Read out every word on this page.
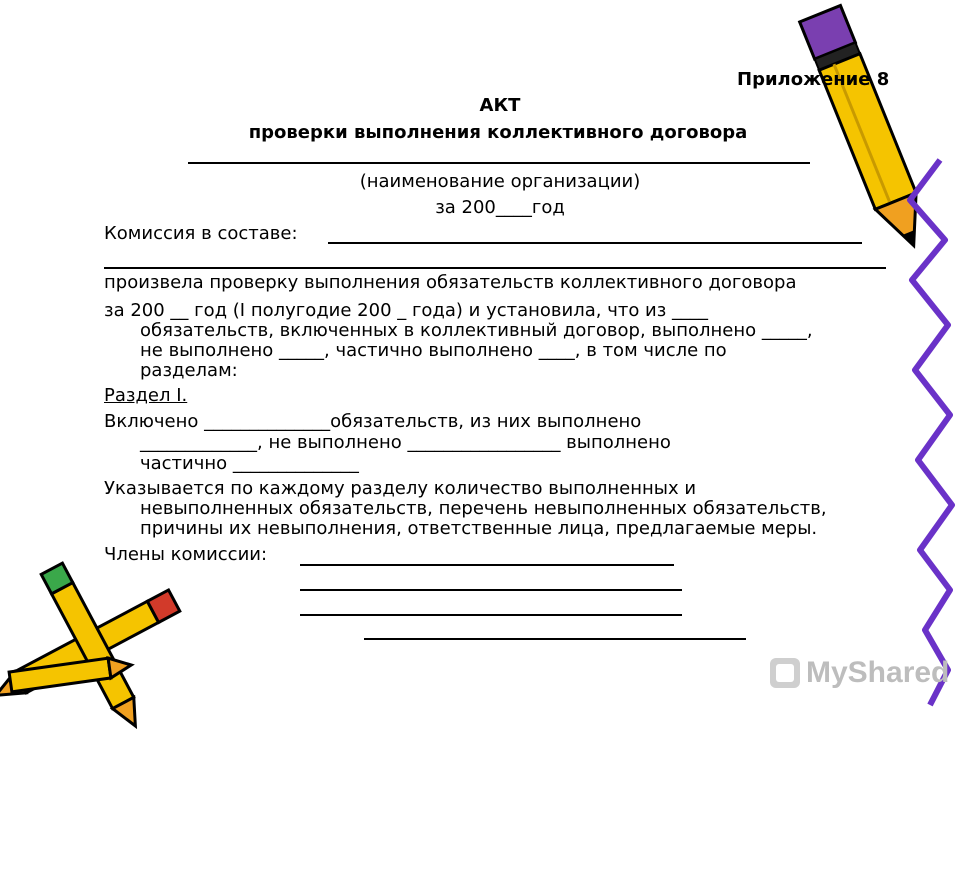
Приложение 8
АКТ
проверки выполнения коллективного договора
(наименование организации)
за 200____год
Комиссия в составе:
произвела проверку выполнения обязательств коллективного договора
за 200 __ год (I полугодие 200 _ года) и установила, что из ____
обязательств, включенных в коллективный договор, выполнено _____,
не выполнено _____, частично выполнено ____, в том числе по
разделам:
Раздел I.
Включено ______________обязательств, из них выполнено
_____________, не выполнено _________________ выполнено
частично ______________
Указывается по каждому разделу количество выполненных и
невыполненных обязательств, перечень невыполненных обязательств,
причины их невыполнения, ответственные лица, предлагаемые меры.
Члены комиссии:
MyShared
